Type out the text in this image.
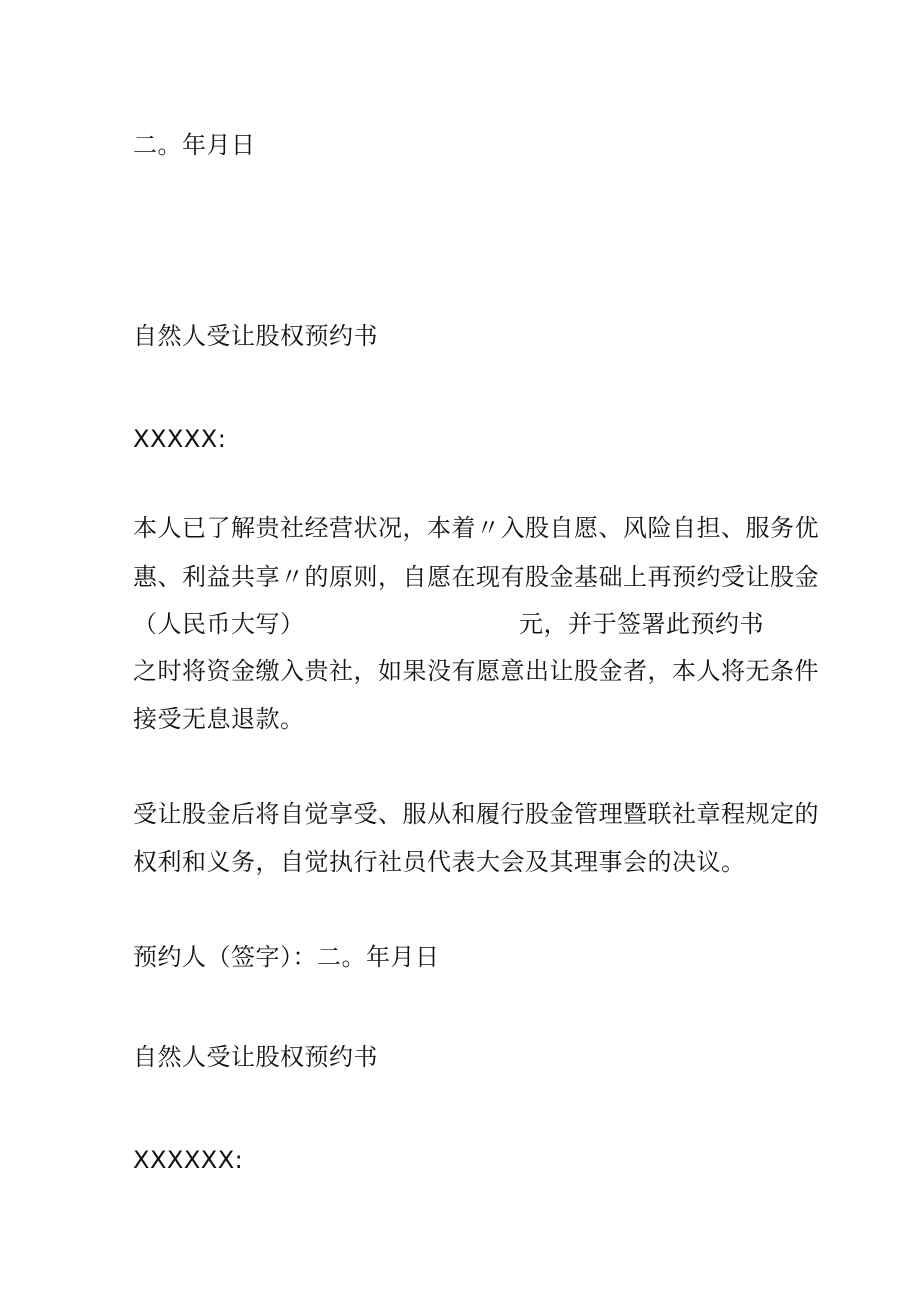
二。年月日

自然人受让股权预约书

XXXXX:

本人已了解贵社经营状况，本着〃入股自愿、风险自担、服务优

惠、利益共享〃的原则，自愿在现有股金基础上再预约受让股金

（人民币大写）	元，并于签署此预约书

之时将资金缴入贵社，如果没有愿意出让股金者，本人将无条件

接受无息退款。

受让股金后将自觉享受、服从和履行股金管理暨联社章程规定的

权利和义务，自觉执行社员代表大会及其理事会的决议。

预约人（签字）：二。年月日

自然人受让股权预约书

XXXXXX:
